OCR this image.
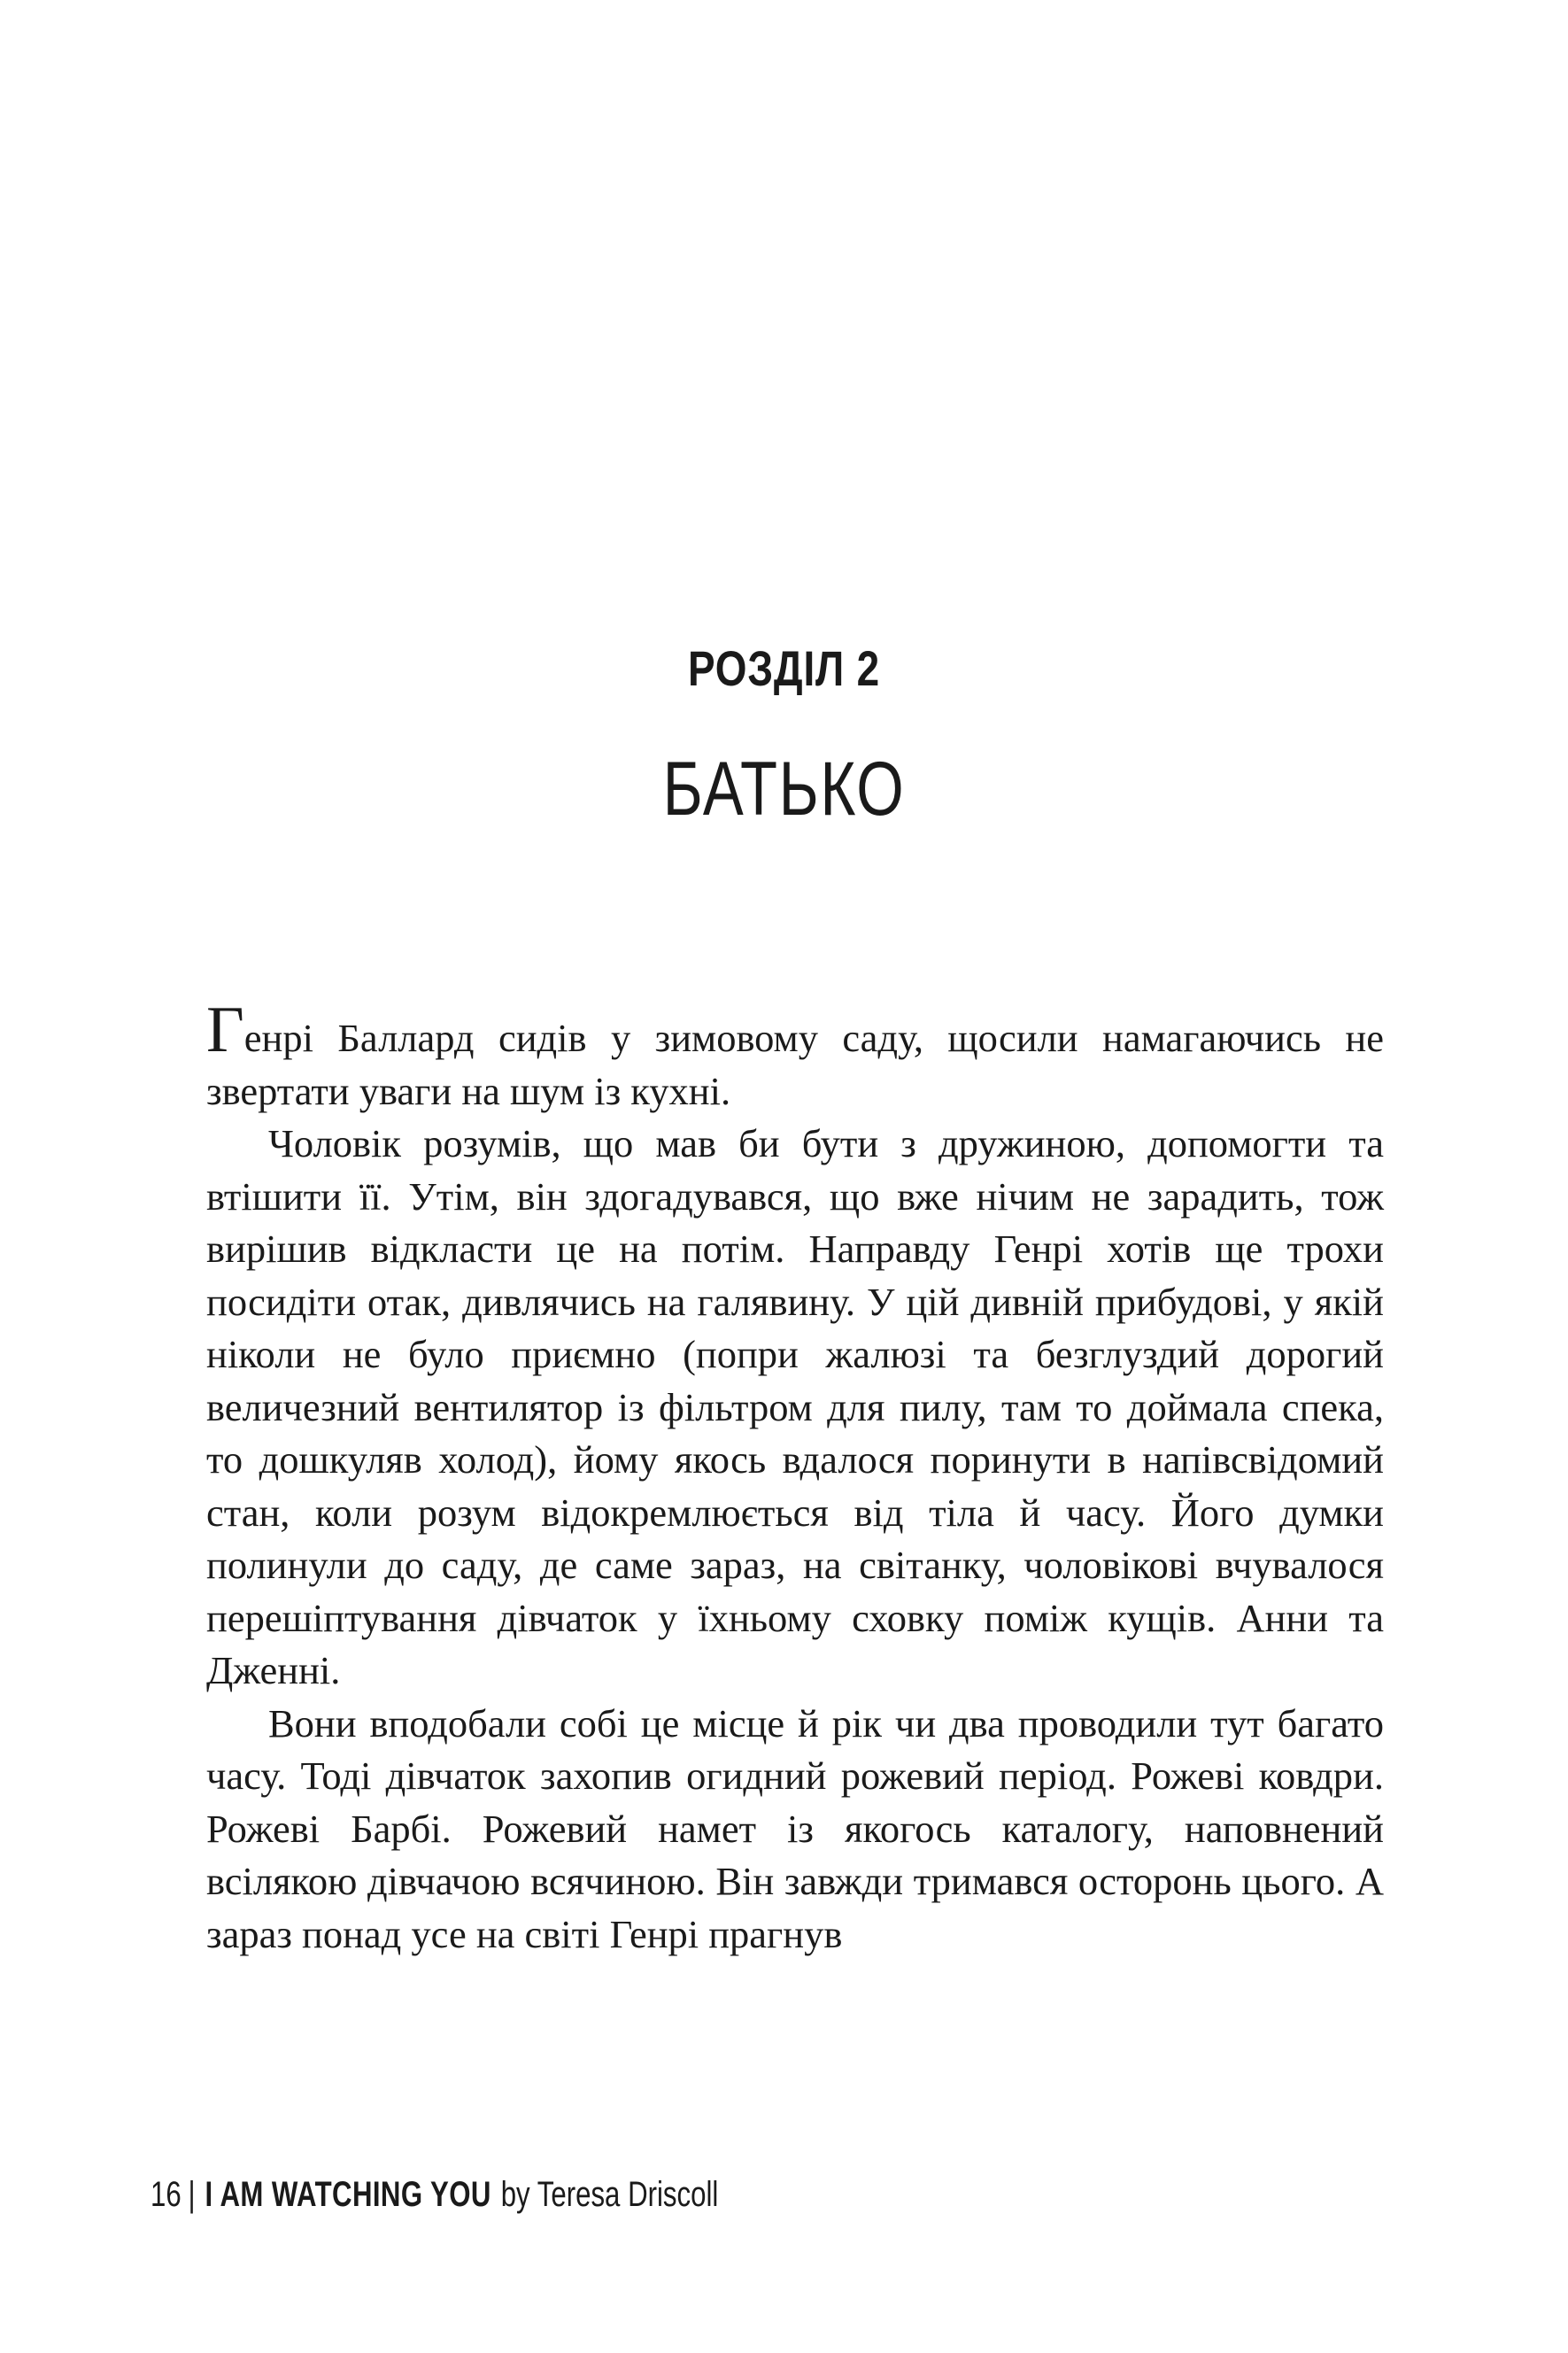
РОЗДІЛ 2
БАТЬКО

Генрі Баллард сидів у зимовому саду, щосили намагаючись не звертати уваги на шум із кухні.

Чоловік розумів, що мав би бути з дружиною, допомогти та втішити її. Утім, він здогадувався, що вже нічим не зарадить, тож вирішив відкласти це на потім. Направду Генрі хотів ще трохи посидіти отак, дивлячись на галявину. У цій дивній прибудові, у якій ніколи не було приємно (попри жалюзі та безглуздий дорогий величезний вентилятор із фільтром для пилу, там то доймала спека, то дошкуляв холод), йому якось вдалося поринути в напівсвідомий стан, коли розум відокремлюється від тіла й часу. Його думки полинули до саду, де саме зараз, на світанку, чоловікові вчувалося перешіптування дівчаток у їхньому сховку поміж кущів. Анни та Дженні.

Вони вподобали собі це місце й рік чи два проводили тут багато часу. Тоді дівчаток захопив огидний рожевий період. Рожеві ковдри. Рожеві Барбі. Рожевий намет із якогось каталогу, наповнений всілякою дівчачою всячиною. Він завжди тримався осторонь цього. А зараз понад усе на світі Генрі прагнув

16 | I AM WATCHING YOU by Teresa Driscoll
